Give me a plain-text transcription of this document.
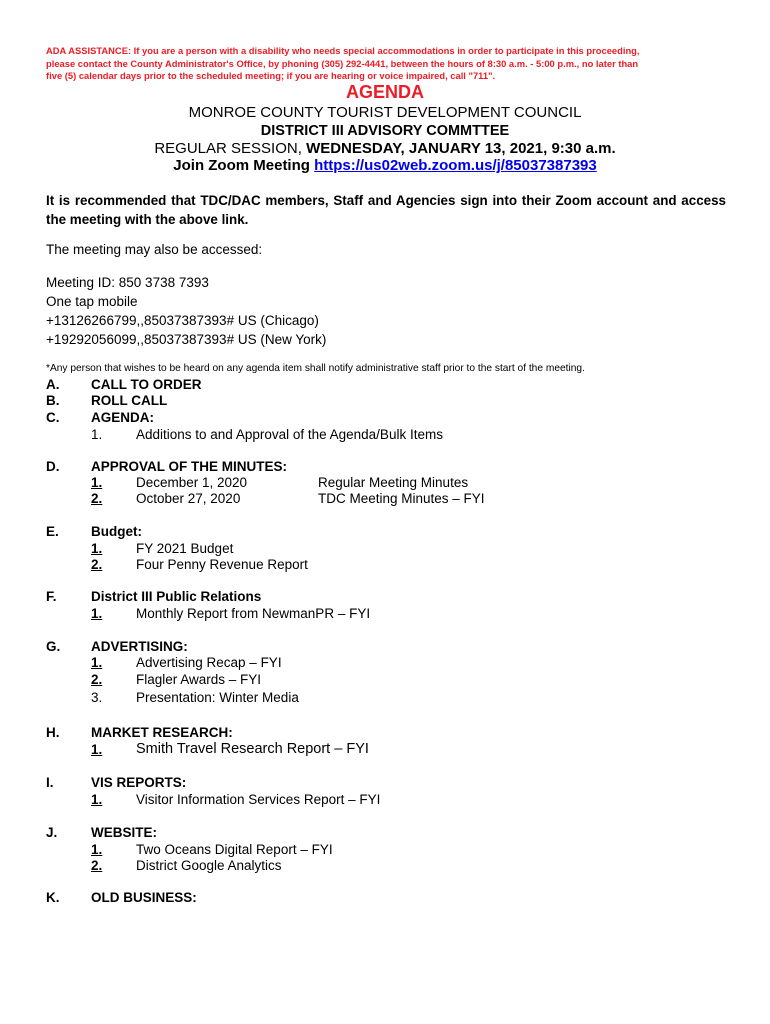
ADA ASSISTANCE: If you are a person with a disability who needs special accommodations in order to participate in this proceeding,
please contact the County Administrator's Office, by phoning (305) 292-4441, between the hours of 8:30 a.m. - 5:00 p.m., no later than
five (5) calendar days prior to the scheduled meeting; if you are hearing or voice impaired, call "711".
AGENDA
MONROE COUNTY TOURIST DEVELOPMENT COUNCIL
DISTRICT III ADVISORY COMMTTEE
REGULAR SESSION, WEDNESDAY, JANUARY 13, 2021, 9:30 a.m.
Join Zoom Meeting https://us02web.zoom.us/j/85037387393
It is recommended that TDC/DAC members, Staff and Agencies sign into their Zoom account and access the meeting with the above link.
The meeting may also be accessed:
Meeting ID: 850 3738 7393
One tap mobile
+13126266799,,85037387393# US (Chicago)
+19292056099,,85037387393# US (New York)
*Any person that wishes to be heard on any agenda item shall notify administrative staff prior to the start of the meeting.
A. CALL TO ORDER
B. ROLL CALL
C. AGENDA:
1. Additions to and Approval of the Agenda/Bulk Items
D. APPROVAL OF THE MINUTES:
1. December 1, 2020	Regular Meeting Minutes
2. October 27, 2020	TDC Meeting Minutes – FYI
E. Budget:
1. FY 2021 Budget
2. Four Penny Revenue Report
F.	District III Public Relations
1. Monthly Report from NewmanPR – FYI
G. ADVERTISING:
1. Advertising Recap – FYI
2. Flagler Awards – FYI
3. Presentation: Winter Media
H. MARKET RESEARCH:
1. Smith Travel Research Report – FYI
I.	VIS REPORTS:
1. Visitor Information Services Report – FYI
J. WEBSITE:
1. Two Oceans Digital Report – FYI
2. District Google Analytics
K. OLD BUSINESS:
